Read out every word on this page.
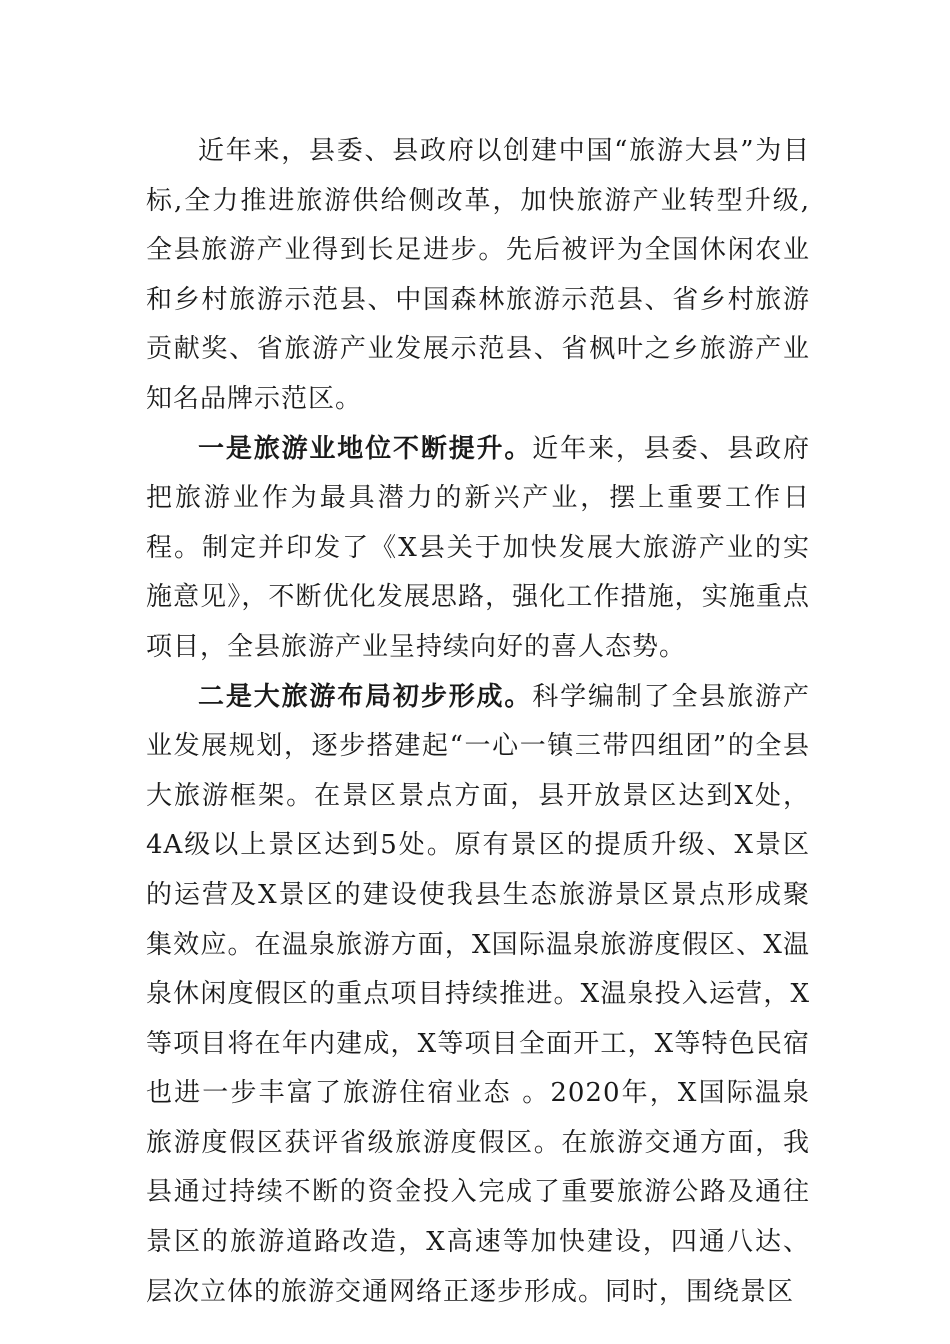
近年来，县委、县政府以创建中国“旅游大县”为目标,全力推进旅游供给侧改革，加快旅游产业转型升级,全县旅游产业得到长足进步。先后被评为全国休闲农业和乡村旅游示范县、中国森林旅游示范县、省乡村旅游贡献奖、省旅游产业发展示范县、省枫叶之乡旅游产业知名品牌示范区。

一是旅游业地位不断提升。近年来，县委、县政府把旅游业作为最具潜力的新兴产业，摆上重要工作日程。制定并印发了《X县关于加快发展大旅游产业的实施意见》，不断优化发展思路，强化工作措施，实施重点项目，全县旅游产业呈持续向好的喜人态势。

二是大旅游布局初步形成。科学编制了全县旅游产业发展规划，逐步搭建起“一心一镇三带四组团”的全县大旅游框架。在景区景点方面，县开放景区达到X处，4A级以上景区达到5处。原有景区的提质升级、X景区的运营及X景区的建设使我县生态旅游景区景点形成聚集效应。在温泉旅游方面，X国际温泉旅游度假区、X温泉休闲度假区的重点项目持续推进。X温泉投入运营，X等项目将在年内建成，X等项目全面开工，X等特色民宿也进一步丰富了旅游住宿业态 。2020年，X国际温泉旅游度假区获评省级旅游度假区。在旅游交通方面，我县通过持续不断的资金投入完成了重要旅游公路及通往景区的旅游道路改造，X高速等加快建设，四通八达、层次立体的旅游交通网络正逐步形成。同时，围绕景区
